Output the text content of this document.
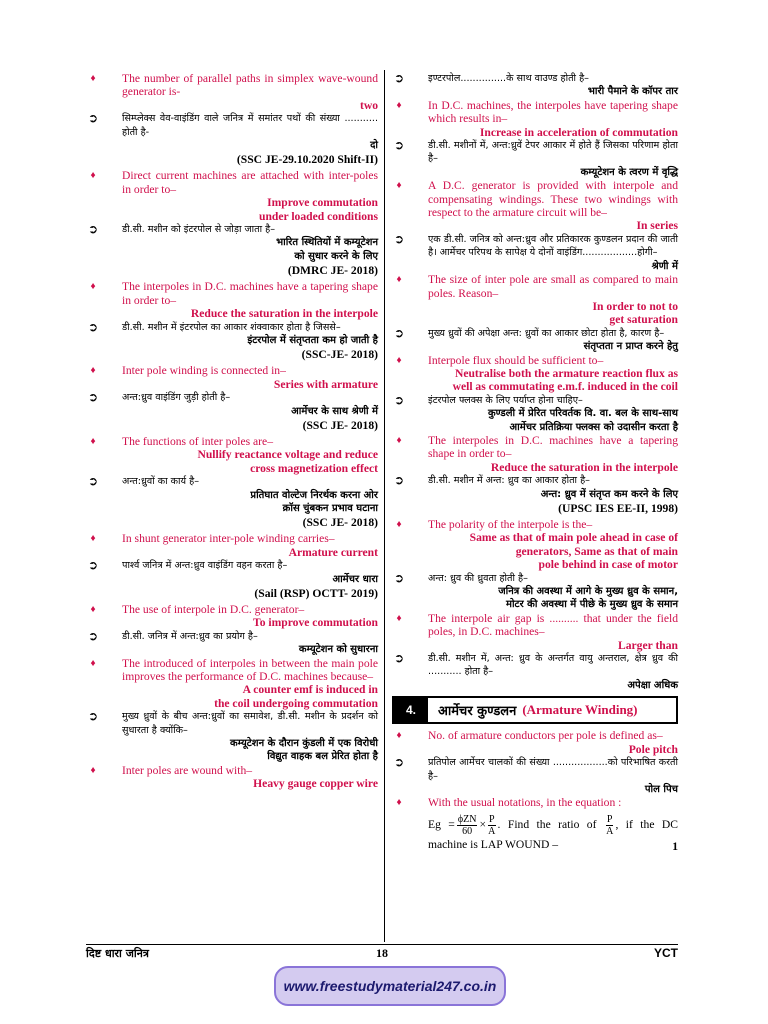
♦	The number of parallel paths in simplex wave-wound generator is-
two
➲ सिम्प्लेक्स वेव-वाइंडिंग वाले जनित्र में समांतर पथों की संख्या ........... होती है-
दो
(SSC JE-29.10.2020 Shift-II)
♦	Direct current machines are attached with inter-poles in order to–
Improve commutation
under loaded conditions
➲ डी.सी. मशीन को इंटरपोल से जोड़ा जाता है–
भारित स्थितियों में कम्यूटेशन
को सुधार करने के लिए
(DMRC JE- 2018)
♦	The interpoles in D.C. machines have a tapering shape in order to–
Reduce the saturation in the interpole
➲ डी.सी. मशीन में इंटरपोल का आकार शंक्वाकार होता है जिससे–
इंटरपोल में संतृप्तता कम हो जाती है
(SSC-JE- 2018)
♦	Inter pole winding is connected in–
Series with armature
➲ अन्त:ध्रुव वाइंडिंग जुड़ी होती है–
आर्मेचर के साथ श्रेणी में
(SSC JE- 2018)
♦	The functions of inter poles are–
Nullify reactance voltage and reduce
cross magnetization effect
➲ अन्त:ध्रुवों का कार्य है–
प्रतिघात वोल्टेज निरर्थक करना ओर
क्रॉस चुंबकन प्रभाव घटाना
(SSC JE- 2018)
♦	In shunt generator inter-pole winding carries–
Armature current
➲ पार्श्व जनित्र में अन्त:ध्रुव वाइंडिंग वहन करता है–
आर्मेचर धारा
(Sail (RSP) OCTT- 2019)
♦	The use of interpole in D.C. generator–
To improve commutation
➲ डी.सी. जनित्र में अन्त:ध्रुव का प्रयोग है–
कम्यूटेशन को सुधारना
♦	The introduced of interpoles in between the main pole improves the performance of D.C. machines because–
A counter emf is induced in
the coil undergoing commutation
➲ मुख्य ध्रुवों के बीच अन्त:ध्रुवों का समावेश, डी.सी. मशीन के प्रदर्शन को सुधारता है क्योंकि–
कम्यूटेशन के दौरान कुंडली में एक विरोधी
विद्युत वाहक बल प्रेरित होता है
♦	Inter poles are wound with–
Heavy gauge copper wire
➲ इण्टरपोल...............के साथ वाउण्ड होती है–
भारी पैमाने के कॉपर तार
♦	In D.C. machines, the interpoles have tapering shape which results in–
Increase in acceleration of commutation
➲ डी.सी. मशीनों में, अन्त:ध्रुवें टेपर आकार में होते हैं जिसका परिणाम होता है–
कम्यूटेशन के त्वरण में वृद्धि
♦	A D.C. generator is provided with interpole and compensating windings. These two windings with respect to the armature circuit will be–
In series
➲ एक डी.सी. जनित्र को अन्त:ध्रुव और प्रतिकारक कुण्डलन प्रदान की जाती है। आर्मेचर परिपथ के सापेक्ष ये दोनों वाइंडिंग..................होगी–
श्रेणी में
♦	The size of inter pole are small as compared to main poles. Reason–
In order to not to
get saturation
➲ मुख्य ध्रुवों की अपेक्षा अन्त: ध्रुवों का आकार छोटा होता है, कारण है–
संतृप्तता न प्राप्त करने हेतु
♦	Interpole flux should be sufficient to–
Neutralise both the armature reaction flux as
well as commutating e.m.f. induced in the coil
➲ इंटरपोल फ्लक्स के लिए पर्याप्त होना चाहिए–
कुण्डली में प्रेरित परिवर्तक वि. वा. बल के साथ-साथ
आर्मेचर प्रतिक्रिया फ्लक्स को उदासीन करता है
♦	The interpoles in D.C. machines have a tapering shape in order to–
Reduce the saturation in the interpole
➲ डी.सी. मशीन में अन्त: ध्रुव का आकार होता है–
अन्त: ध्रुव में संतृप्त कम करने के लिए
(UPSC IES EE-II, 1998)
♦	The polarity of the interpole is the–
Same as that of main pole ahead in case of
generators, Same as that of main
pole behind in case of motor
➲ अन्त: ध्रुव की ध्रुवता होती है–
जनित्र की अवस्था में आगे के मुख्य ध्रुव के समान,
मोटर की अवस्था में पीछे के मुख्य ध्रुव के समान
♦	The interpole air gap is .......... that under the field poles, in D.C. machines–
Larger than
➲ डी.सी. मशीन में, अन्त: ध्रुव के अन्तर्गत वायु अन्तराल, क्षेत्र ध्रुव की ........... होता है–
अपेक्षा अधिक
4.	आर्मेचर कुण्डलन (Armature Winding)
♦	No. of armature conductors per pole is defined as–
Pole pitch
➲ प्रतिपोल आर्मेचर चालकों की संख्या ..................को परिभाषित करती है–
पोल पिच
♦	With the usual notations, in the equation :
Eg = ϕZN
60
× $\frac{P}{A}$ . Find the ratio of $\frac{P}{A}$ , if the DC machine is LAP WOUND –	1
दिष्ट धारा जनित्र	18	YCT
www.freestudymaterial247.co.in
